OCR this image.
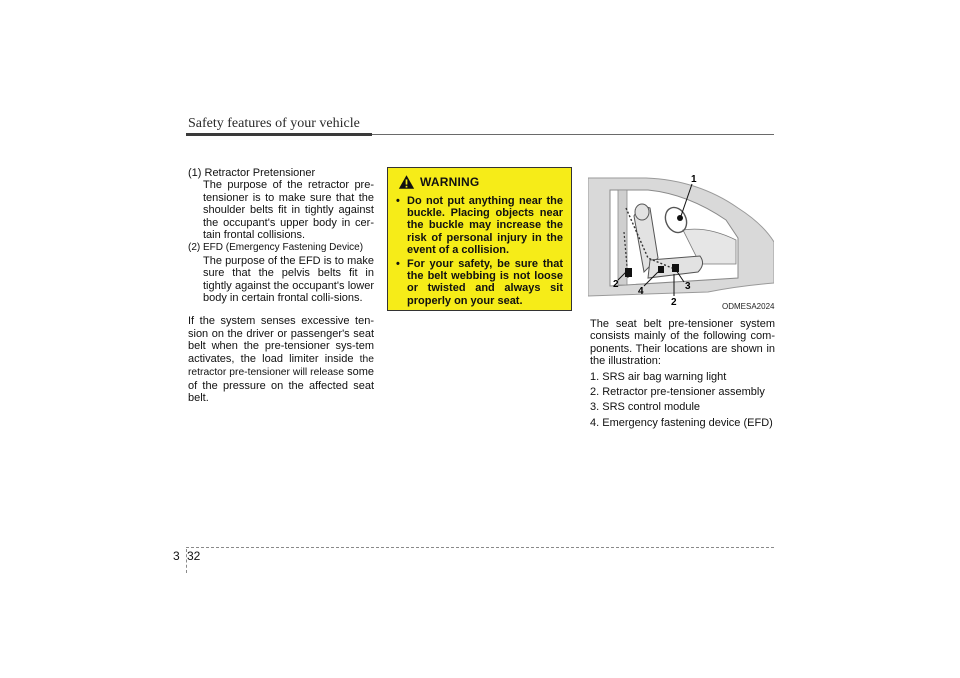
Safety features of your vehicle

(1) Retractor Pretensioner

The purpose of the retractor pre-tensioner is to make sure that the shoulder belts fit in tightly against the occupant's upper body in cer-tain frontal collisions.

(2) EFD (Emergency Fastening Device)

The purpose of the EFD is to make sure that the pelvis belts fit in tightly against the occupant's lower body in certain frontal colli-sions.

If the system senses excessive ten-sion on the driver or passenger's seat belt when the pre-tensioner sys-tem activates, the load limiter inside the retractor pre-tensioner will release some of the pressure on the affected seat belt.

WARNING
• Do not put anything near the buckle. Placing objects near the buckle may increase the risk of personal injury in the event of a collision.
• For your safety, be sure that the belt webbing is not loose or twisted and always sit properly on your seat.
1
2
4	3
2	ODMESA2024

The seat belt pre-tensioner system consists mainly of the following com-ponents. Their locations are shown in the illustration:

1. SRS air bag warning light
2. Retractor pre-tensioner assembly
3. SRS control module
4. Emergency fastening device (EFD)
3 32
